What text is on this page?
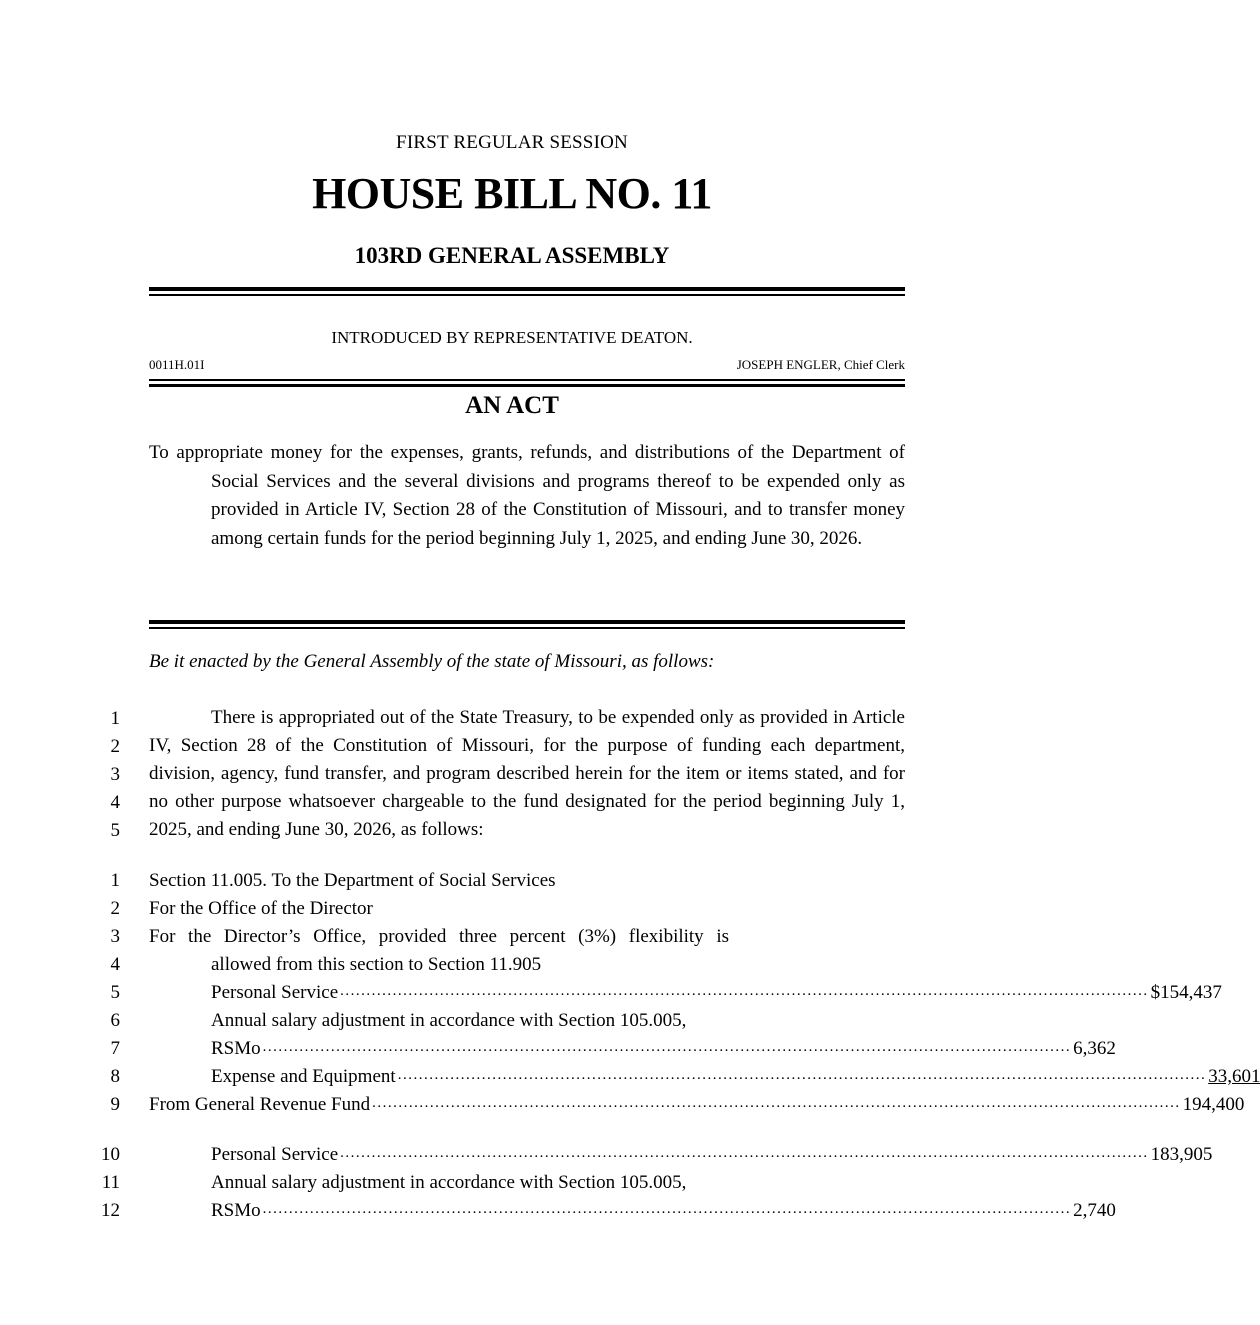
FIRST REGULAR SESSION
HOUSE BILL NO. 11
103RD GENERAL ASSEMBLY
INTRODUCED BY REPRESENTATIVE DEATON.
0011H.01I	JOSEPH ENGLER, Chief Clerk
AN ACT

To appropriate money for the expenses, grants, refunds, and distributions of the Department of Social Services and the several divisions and programs thereof to be expended only as provided in Article IV, Section 28 of the Constitution of Missouri, and to transfer money among certain funds for the period beginning July 1, 2025, and ending June 30, 2026.

Be it enacted by the General Assembly of the state of Missouri, as follows:
1
2
3
4
5

There is appropriated out of the State Treasury, to be expended only as provided in Article IV, Section 28 of the Constitution of Missouri, for the purpose of funding each department, division, agency, fund transfer, and program described herein for the item or items stated, and for no other purpose whatsoever chargeable to the fund designated for the period beginning July 1, 2025, and ending June 30, 2026, as follows:

1
2
3
4
5
6
7
8
9
10
11
12
Section 11.005. To the Department of Social Services
For the Office of the Director
For the Director’s Office, provided three percent (3%) flexibility is
allowed from this section to Section 11.905
Personal Service .......................................................................................................................................................... $154,437
Annual salary adjustment in accordance with Section 105.005,
RSMo .......................................................................................................................................................... 6,362
Expense and Equipment .......................................................................................................................................................... 33,601
From General Revenue Fund .......................................................................................................................................................... 194,400
Personal Service .......................................................................................................................................................... 183,905
Annual salary adjustment in accordance with Section 105.005,
RSMo .......................................................................................................................................................... 2,740
